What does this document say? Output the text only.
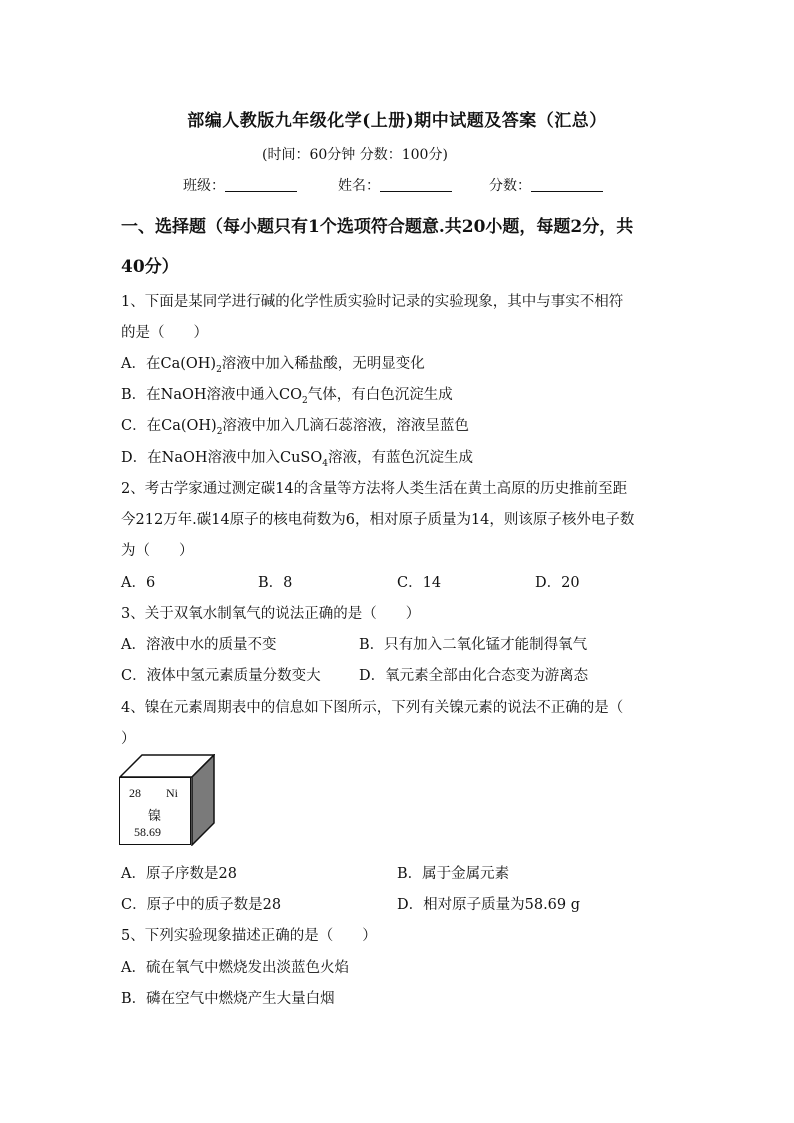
部编人教版九年级化学(上册)期中试题及答案（汇总）
(时间：60分钟 分数：100分)
班级：	姓名：	分数：
一、选择题（每小题只有1个选项符合题意.共20小题，每题2分，共
40分）
1、下面是某同学进行碱的化学性质实验时记录的实验现象，其中与事实不相符
的是（　　）
A．在$Ca(OH)_2$溶液中加入稀盐酸，无明显变化
B．在NaOH溶液中通入$CO_2$气体，有白色沉淀生成
C．在$Ca(OH)_2$溶液中加入几滴石蕊溶液，溶液呈蓝色
D．在NaOH溶液中加入CuSO$_4$溶液，有蓝色沉淀生成
2、考古学家通过测定碳14的含量等方法将人类生活在黄土高原的历史推前至距
今212万年.碳14原子的核电荷数为6，相对原子质量为14，则该原子核外电子数
为（　　）
A．6	B．8	C．14	D．20
3、关于双氧水制氧气的说法正确的是（　　）
A．溶液中水的质量不变	B．只有加入二氧化锰才能制得氧气
C．液体中氢元素质量分数变大	D．氧元素全部由化合态变为游离态
4、镍在元素周期表中的信息如下图所示，下列有关镍元素的说法不正确的是（
）
28 Ni
镍
58.69
A．原子序数是28	B．属于金属元素
C．原子中的质子数是28	D．相对原子质量为58.69 g
5、下列实验现象描述正确的是（　　）
A．硫在氧气中燃烧发出淡蓝色火焰
B．磷在空气中燃烧产生大量白烟
